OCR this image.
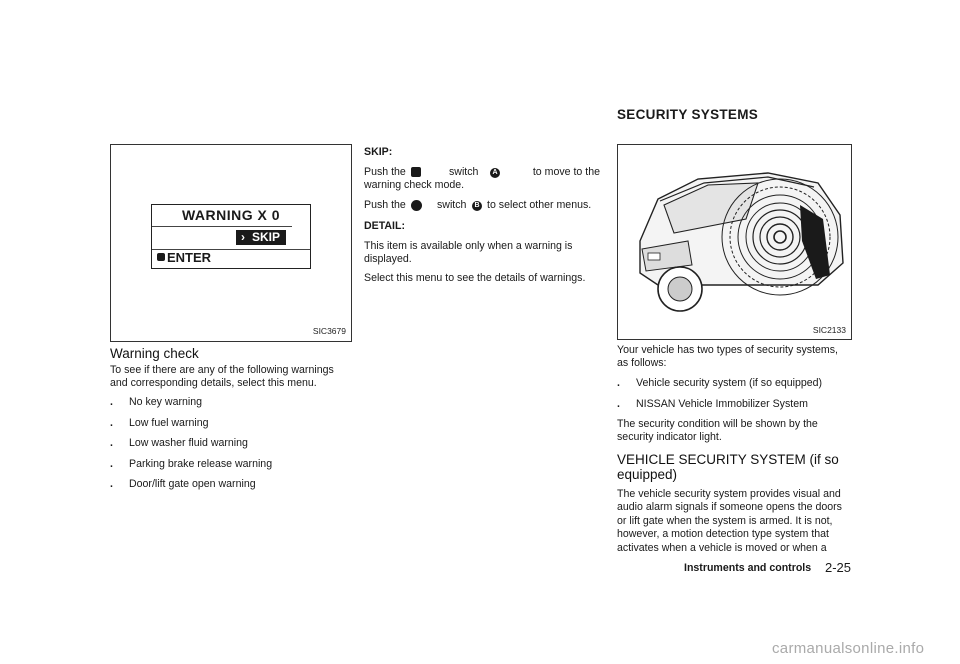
WARNING X 0
› SKIP
ENTER
SIC3679
Warning check

To see if there are any of the following warnings and corresponding details, select this menu.

. No key warning
. Low fuel warning
. Low washer fluid warning
. Parking brake release warning
. Door/lift gate open warning
SKIP:
Push the	switch	A	to move to the
warning check mode.
Push the	switch	B to select other menus.
DETAIL:

This item is available only when a warning is displayed.

Select this menu to see the details of warnings.

SECURITY SYSTEMS
SIC2133

Your vehicle has two types of security systems, as follows:

. Vehicle security system (if so equipped)
. NISSAN Vehicle Immobilizer System

The security condition will be shown by the security indicator light.

VEHICLE SECURITY SYSTEM (if so
equipped)

The vehicle security system provides visual and audio alarm signals if someone opens the doors or lift gate when the system is armed. It is not, however, a motion detection type system that activates when a vehicle is moved or when a

Instruments and controls 2-25
carmanualsonline.info
